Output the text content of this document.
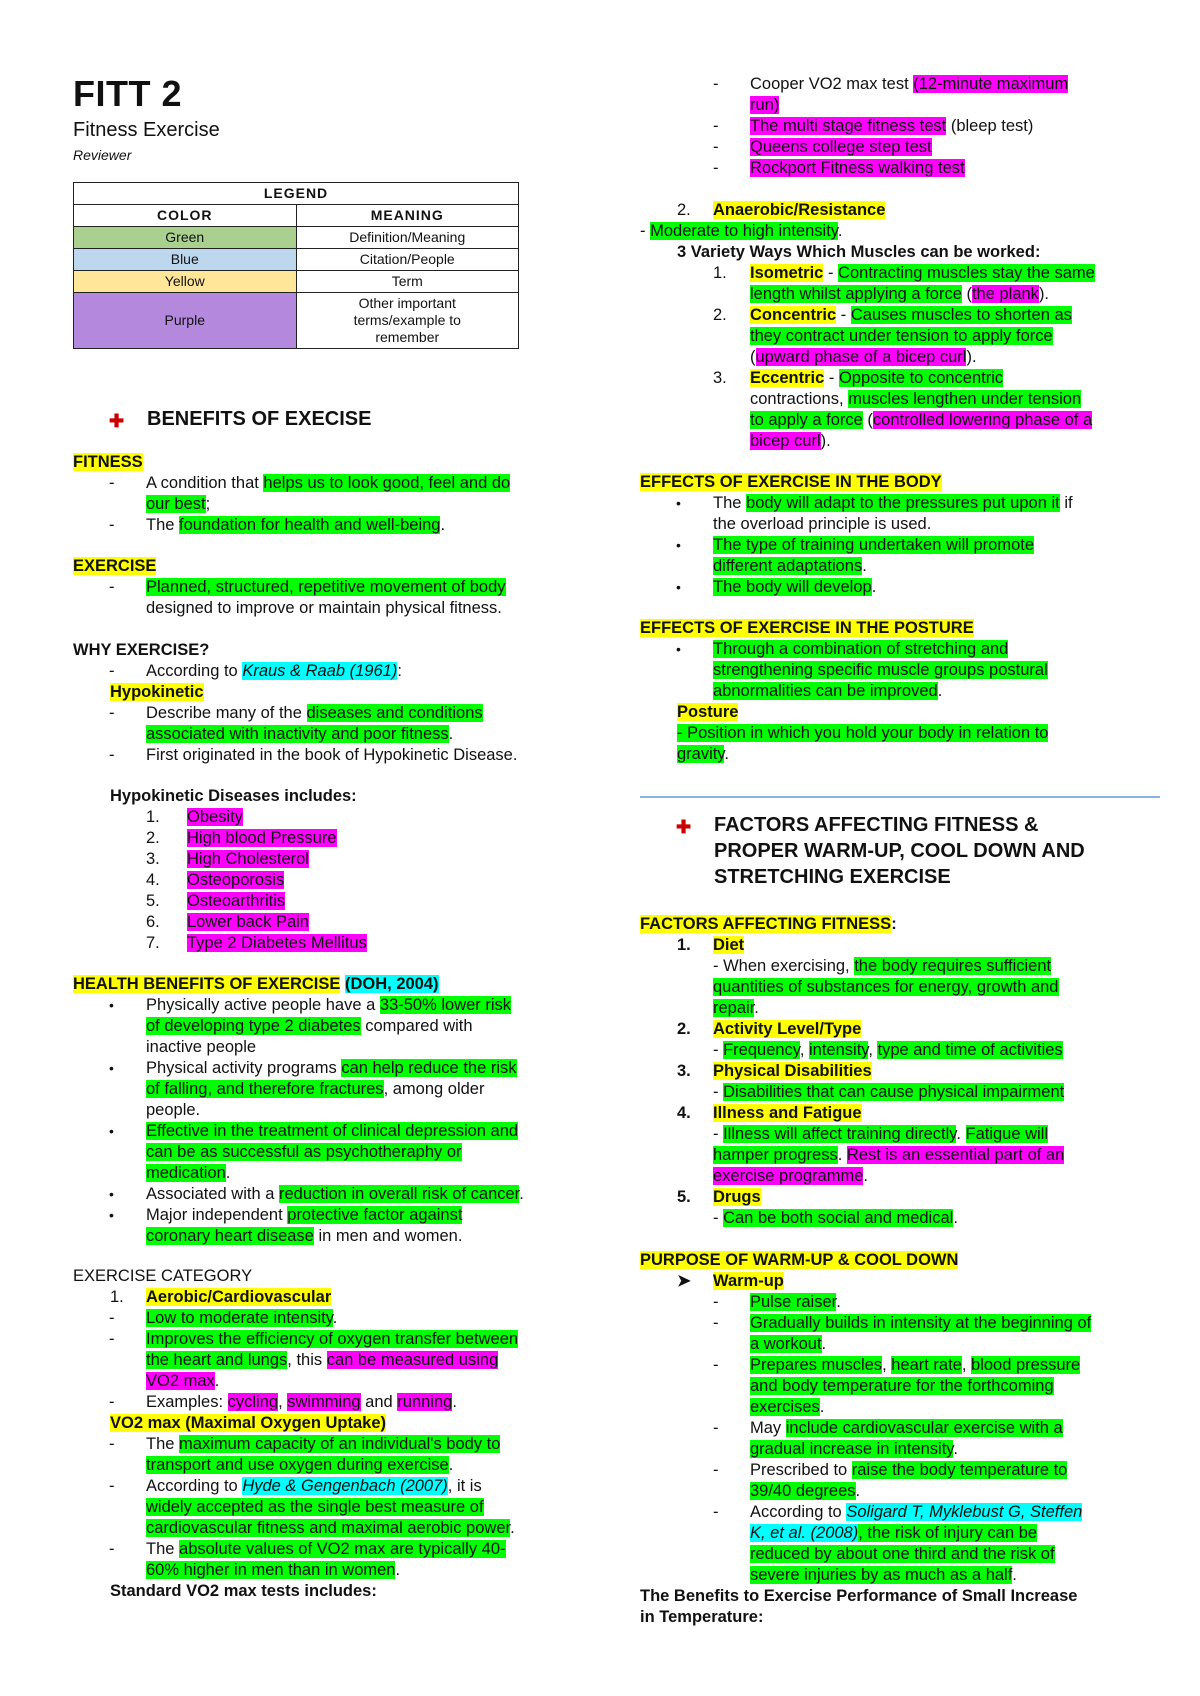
FITT 2
Fitness Exercise
Reviewer
LEGEND	
COLOR	MEANING
Green	Definition/Meaning
Blue	Citation/People
Yellow	Term
Purple	Other important terms/example to remember
✚ BENEFITS OF EXECISE
FITNESS
- A condition that helps us to look good, feel and do
our best;
- The foundation for health and well-being.
EXERCISE
- Planned, structured, repetitive movement of body
designed to improve or maintain physical fitness.
WHY EXERCISE?
- According to Kraus & Raab (1961):
Hypokinetic
- Describe many of the diseases and conditions
associated with inactivity and poor fitness.
- First originated in the book of Hypokinetic Disease.
Hypokinetic Diseases includes:
1. Obesity
2. High blood Pressure
3. High Cholesterol
4. Osteoporosis
5. Osteoarthritis
6. Lower back Pain
7. Type 2 Diabetes Mellitus
HEALTH BENEFITS OF EXERCISE (DOH, 2004)
• Physically active people have a 33-50% lower risk
of developing type 2 diabetes compared with
inactive people
• Physical activity programs can help reduce the risk
of falling, and therefore fractures, among older
people.
• Effective in the treatment of clinical depression and
can be as successful as psychotheraphy or
medication.
• Associated with a reduction in overall risk of cancer.
• Major independent protective factor against
coronary heart disease in men and women.
EXERCISE CATEGORY
1. Aerobic/Cardiovascular
- Low to moderate intensity.
- Improves the efficiency of oxygen transfer between
the heart and lungs, this can be measured using
VO2 max.
- Examples: cycling, swimming and running.
VO2 max (Maximal Oxygen Uptake)
- The maximum capacity of an individual's body to
transport and use oxygen during exercise.
- According to Hyde & Gengenbach (2007), it is
widely accepted as the single best measure of
cardiovascular fitness and maximal aerobic power.
- The absolute values of VO2 max are typically 40-
60% higher in men than in women.
Standard VO2 max tests includes:
- Cooper VO2 max test (12-minute maximum
run)
- The multi stage fitness test (bleep test)
- Queens college step test
- Rockport Fitness walking test
2. Anaerobic/Resistance
- Moderate to high intensity.
3 Variety Ways Which Muscles can be worked:
1. Isometric - Contracting muscles stay the same
length whilst applying a force (the plank).
2. Concentric - Causes muscles to shorten as
they contract under tension to apply force
(upward phase of a bicep curl).
3. Eccentric - Opposite to concentric
contractions, muscles lengthen under tension
to apply a force (controlled lowering phase of a
bicep curl).
EFFECTS OF EXERCISE IN THE BODY
• The body will adapt to the pressures put upon it if
the overload principle is used.
• The type of training undertaken will promote
different adaptations.
• The body will develop.
EFFECTS OF EXERCISE IN THE POSTURE
• Through a combination of stretching and
strengthening specific muscle groups postural
abnormalities can be improved.
Posture
- Position in which you hold your body in relation to
gravity.
✚ FACTORS AFFECTING FITNESS &
PROPER WARM-UP, COOL DOWN AND
STRETCHING EXERCISE
FACTORS AFFECTING FITNESS:
1. Diet
- When exercising, the body requires sufficient
quantities of substances for energy, growth and
repair.
2. Activity Level/Type
- Frequency, intensity, type and time of activities
3. Physical Disabilities
- Disabilities that can cause physical impairment
4. Illness and Fatigue
- Illness will affect training directly. Fatigue will
hamper progress. Rest is an essential part of an
exercise programme.
5. Drugs
- Can be both social and medical.
PURPOSE OF WARM-UP & COOL DOWN
➤ Warm-up
- Pulse raiser.
- Gradually builds in intensity at the beginning of
a workout.
- Prepares muscles, heart rate, blood pressure
and body temperature for the forthcoming
exercises.
- May include cardiovascular exercise with a
gradual increase in intensity.
- Prescribed to raise the body temperature to
39/40 degrees.
- According to Soligard T, Myklebust G, Steffen
K, et al. (2008), the risk of injury can be
reduced by about one third and the risk of
severe injuries by as much as a half.
The Benefits to Exercise Performance of Small Increase
in Temperature:
